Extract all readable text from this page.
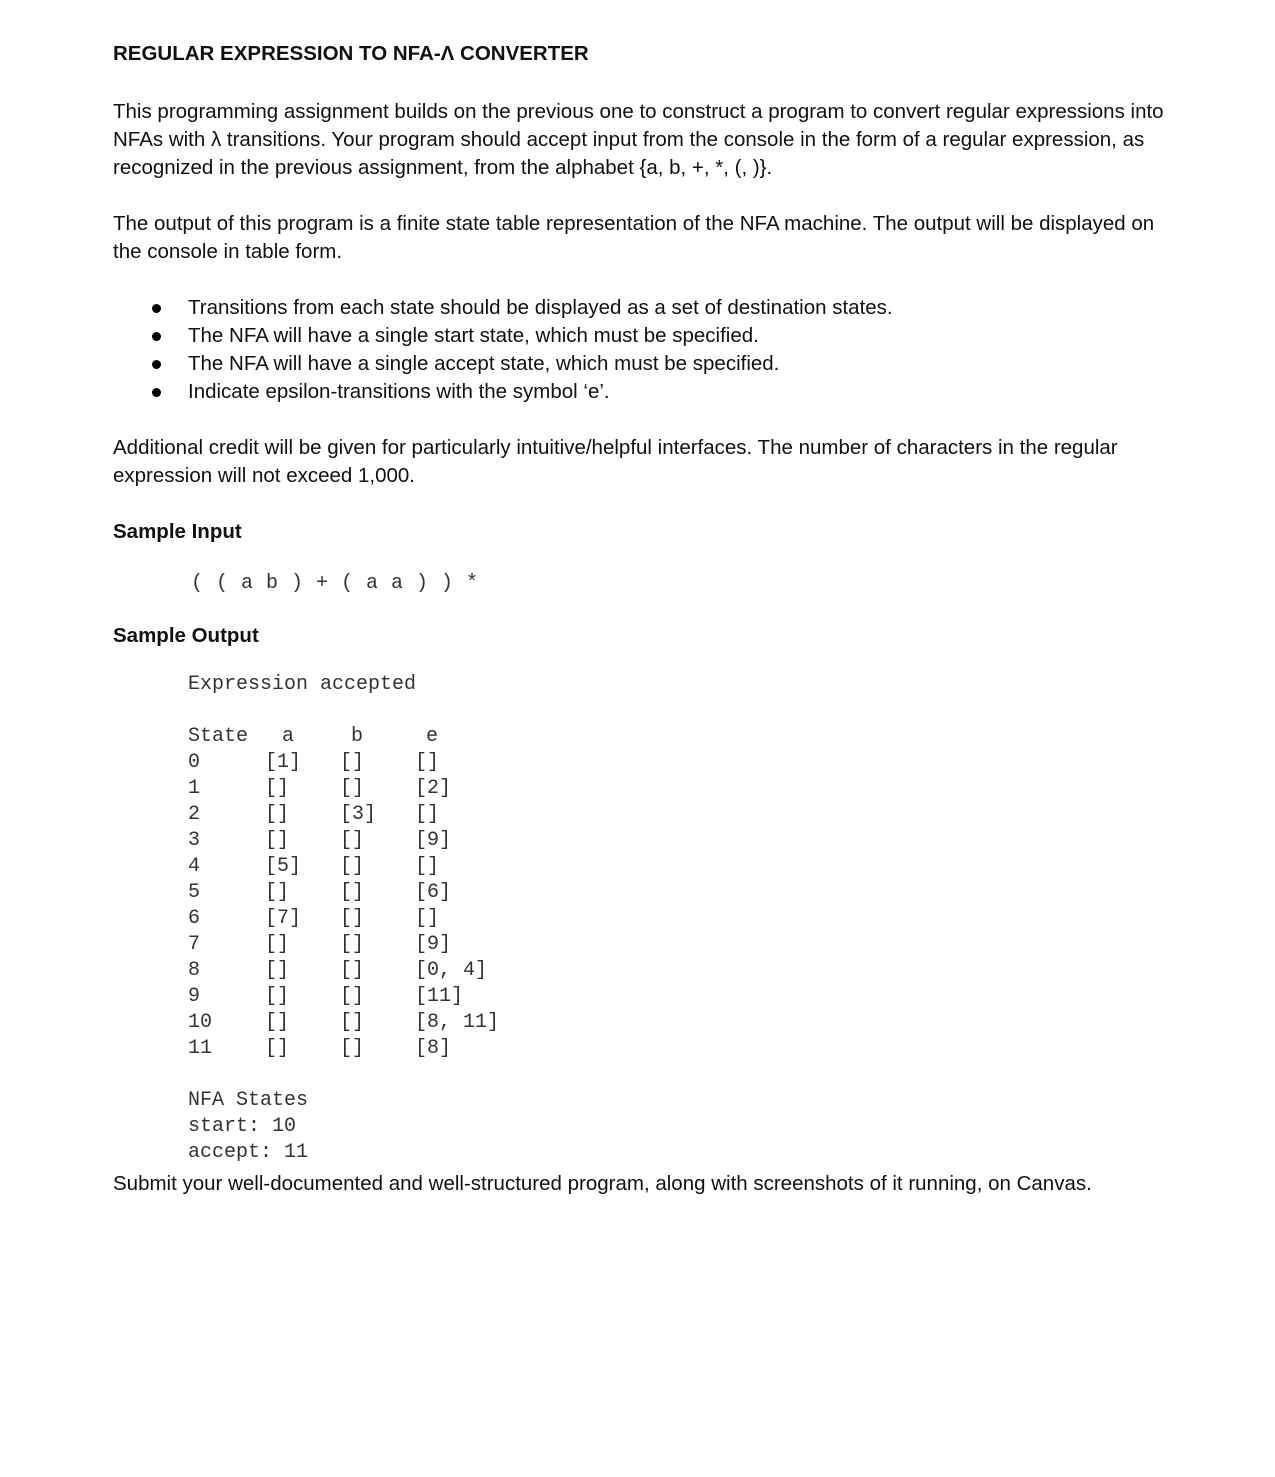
REGULAR EXPRESSION TO NFA-Λ CONVERTER

This programming assignment builds on the previous one to construct a program to convert regular expressions into NFAs with λ transitions. Your program should accept input from the console in the form of a regular expression, as recognized in the previous assignment, from the alphabet {a, b, +, *, (, )}.

The output of this program is a finite state table representation of the NFA machine. The output will be displayed on the console in table form.

Transitions from each state should be displayed as a set of destination states.
The NFA will have a single start state, which must be specified.
The NFA will have a single accept state, which must be specified.
Indicate epsilon-transitions with the symbol ‘e’.

Additional credit will be given for particularly intuitive/helpful interfaces. The number of characters in the regular expression will not exceed 1,000.

Sample Input
( ( a b ) + ( a a ) ) *
Sample Output
Expression accepted
State	a	b	e
0	[1]	[]	[]
1	[]	[]	[2]
2	[]	[3]	[]
3	[]	[]	[9]
4	[5]	[]	[]
5	[]	[]	[6]
6	[7]	[]	[]
7	[]	[]	[9]
8	[]	[]	[0, 4]
9	[]	[]	[11]
10	[]	[]	[8, 11]
11	[]	[]	[8]
NFA States
start: 10
accept: 11
Submit your well-documented and well-structured program, along with screenshots of it running, on Canvas.
